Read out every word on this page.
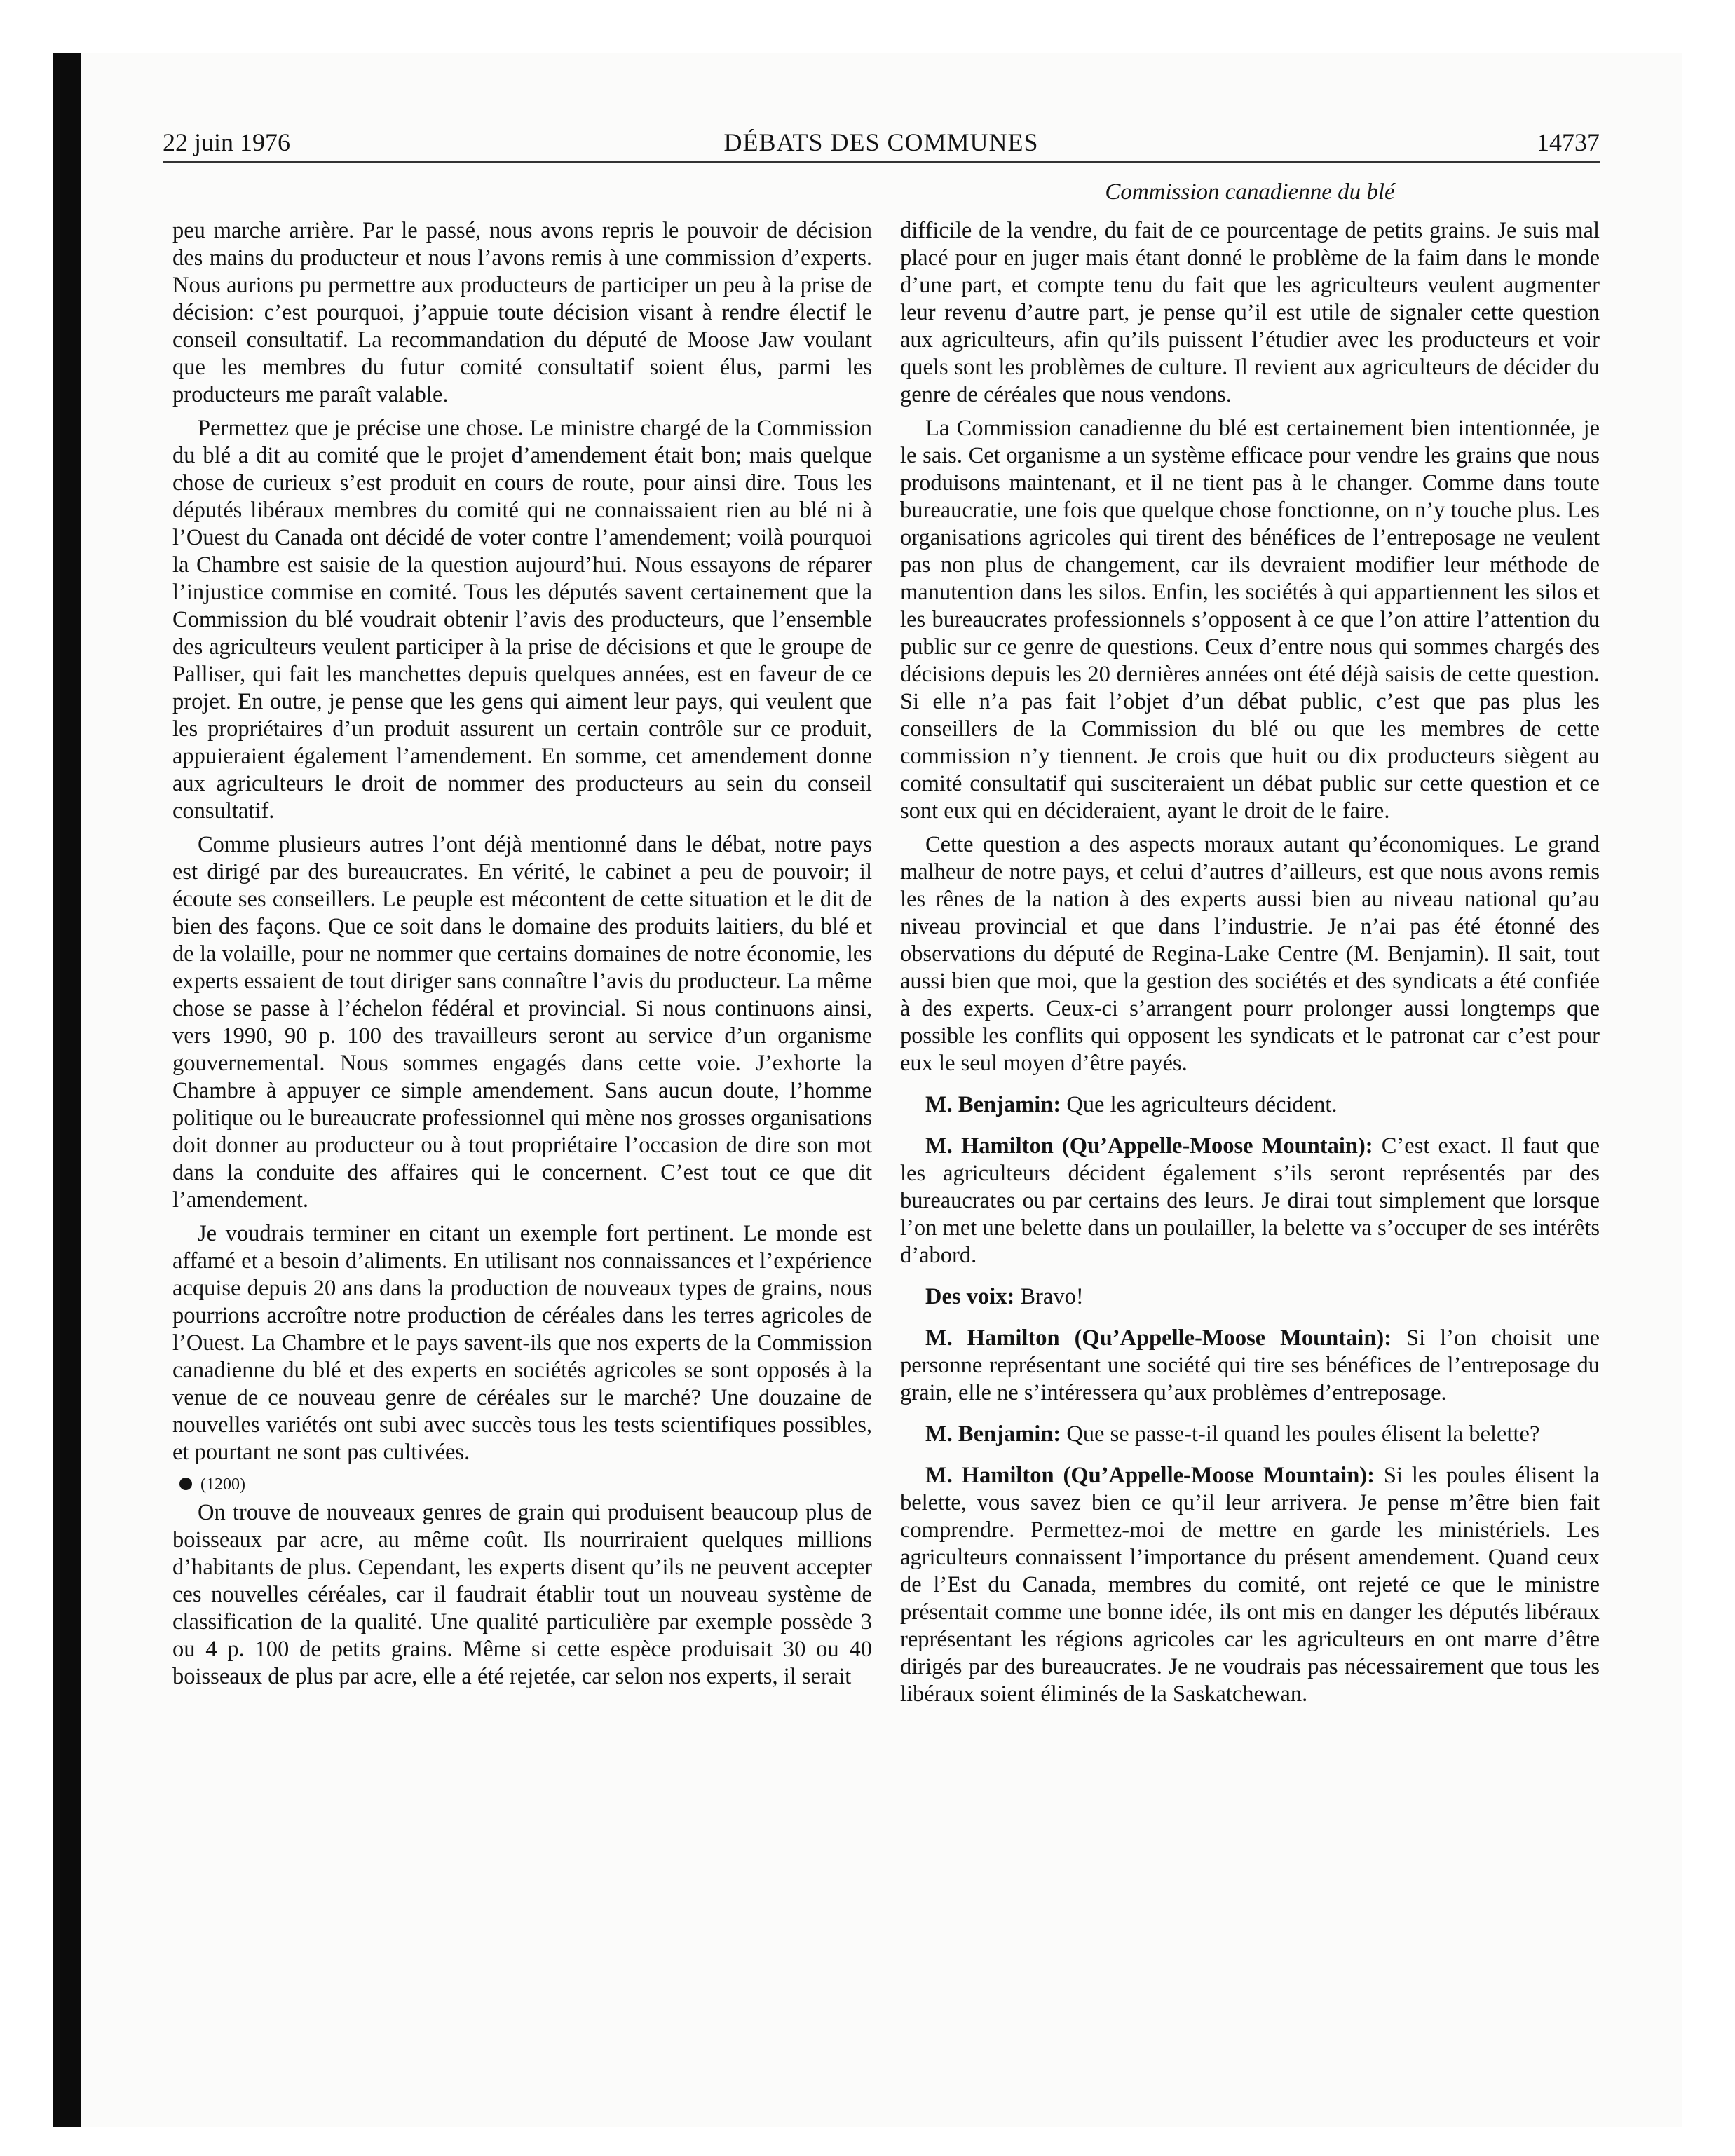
22 juin 1976	DÉBATS DES COMMUNES	14737
Commission canadienne du blé

peu marche arrière. Par le passé, nous avons repris le pouvoir de décision des mains du producteur et nous l’avons remis à une commission d’experts. Nous aurions pu permettre aux producteurs de participer un peu à la prise de décision: c’est pourquoi, j’appuie toute décision visant à rendre électif le conseil consultatif. La recommandation du député de Moose Jaw voulant que les membres du futur comité consultatif soient élus, parmi les producteurs me paraît valable.

Permettez que je précise une chose. Le ministre chargé de la Commission du blé a dit au comité que le projet d’amendement était bon; mais quelque chose de curieux s’est produit en cours de route, pour ainsi dire. Tous les députés libéraux membres du comité qui ne connaissaient rien au blé ni à l’Ouest du Canada ont décidé de voter contre l’amendement; voilà pourquoi la Chambre est saisie de la question aujourd’hui. Nous essayons de réparer l’injustice commise en comité. Tous les députés savent certainement que la Commission du blé voudrait obtenir l’avis des producteurs, que l’ensemble des agriculteurs veulent participer à la prise de décisions et que le groupe de Palliser, qui fait les manchettes depuis quelques années, est en faveur de ce projet. En outre, je pense que les gens qui aiment leur pays, qui veulent que les propriétaires d’un produit assurent un certain contrôle sur ce produit, appuieraient également l’amendement. En somme, cet amendement donne aux agriculteurs le droit de nommer des producteurs au sein du conseil consultatif.

Comme plusieurs autres l’ont déjà mentionné dans le débat, notre pays est dirigé par des bureaucrates. En vérité, le cabinet a peu de pouvoir; il écoute ses conseillers. Le peuple est mécontent de cette situation et le dit de bien des façons. Que ce soit dans le domaine des produits laitiers, du blé et de la volaille, pour ne nommer que certains domaines de notre économie, les experts essaient de tout diriger sans connaître l’avis du producteur. La même chose se passe à l’échelon fédéral et provincial. Si nous continuons ainsi, vers 1990, 90 p. 100 des travailleurs seront au service d’un organisme gouvernemental. Nous sommes engagés dans cette voie. J’exhorte la Chambre à appuyer ce simple amendement. Sans aucun doute, l’homme politique ou le bureaucrate professionnel qui mène nos grosses organisations doit donner au producteur ou à tout propriétaire l’occasion de dire son mot dans la conduite des affaires qui le concernent. C’est tout ce que dit l’amendement.

Je voudrais terminer en citant un exemple fort pertinent. Le monde est affamé et a besoin d’aliments. En utilisant nos connaissances et l’expérience acquise depuis 20 ans dans la production de nouveaux types de grains, nous pourrions accroître notre production de céréales dans les terres agricoles de l’Ouest. La Chambre et le pays savent-ils que nos experts de la Commission canadienne du blé et des experts en sociétés agricoles se sont opposés à la venue de ce nouveau genre de céréales sur le marché? Une douzaine de nouvelles variétés ont subi avec succès tous les tests scientifiques possibles, et pourtant ne sont pas cultivées.

(1200)

On trouve de nouveaux genres de grain qui produisent beaucoup plus de boisseaux par acre, au même coût. Ils nourriraient quelques millions d’habitants de plus. Cependant, les experts disent qu’ils ne peuvent accepter ces nouvelles céréales, car il faudrait établir tout un nouveau système de classification de la qualité. Une qualité particulière par exemple possède 3 ou 4 p. 100 de petits grains. Même si cette espèce produisait 30 ou 40 boisseaux de plus par acre, elle a été rejetée, car selon nos experts, il serait

difficile de la vendre, du fait de ce pourcentage de petits grains. Je suis mal placé pour en juger mais étant donné le problème de la faim dans le monde d’une part, et compte tenu du fait que les agriculteurs veulent augmenter leur revenu d’autre part, je pense qu’il est utile de signaler cette question aux agriculteurs, afin qu’ils puissent l’étudier avec les producteurs et voir quels sont les problèmes de culture. Il revient aux agriculteurs de décider du genre de céréales que nous vendons.

La Commission canadienne du blé est certainement bien intentionnée, je le sais. Cet organisme a un système efficace pour vendre les grains que nous produisons maintenant, et il ne tient pas à le changer. Comme dans toute bureaucratie, une fois que quelque chose fonctionne, on n’y touche plus. Les organisations agricoles qui tirent des bénéfices de l’entreposage ne veulent pas non plus de changement, car ils devraient modifier leur méthode de manutention dans les silos. Enfin, les sociétés à qui appartiennent les silos et les bureaucrates professionnels s’opposent à ce que l’on attire l’attention du public sur ce genre de questions. Ceux d’entre nous qui sommes chargés des décisions depuis les 20 dernières années ont été déjà saisis de cette question. Si elle n’a pas fait l’objet d’un débat public, c’est que pas plus les conseillers de la Commission du blé ou que les membres de cette commission n’y tiennent. Je crois que huit ou dix producteurs siègent au comité consultatif qui susciteraient un débat public sur cette question et ce sont eux qui en décideraient, ayant le droit de le faire.

Cette question a des aspects moraux autant qu’économiques. Le grand malheur de notre pays, et celui d’autres d’ailleurs, est que nous avons remis les rênes de la nation à des experts aussi bien au niveau national qu’au niveau provincial et que dans l’industrie. Je n’ai pas été étonné des observations du député de Regina-Lake Centre (M. Benjamin). Il sait, tout aussi bien que moi, que la gestion des sociétés et des syndicats a été confiée à des experts. Ceux-ci s’arrangent pourr prolonger aussi longtemps que possible les conflits qui opposent les syndicats et le patronat car c’est pour eux le seul moyen d’être payés.

M. Benjamin: Que les agriculteurs décident.

M. Hamilton (Qu’Appelle-Moose Mountain): C’est exact. Il faut que les agriculteurs décident également s’ils seront représentés par des bureaucrates ou par certains des leurs. Je dirai tout simplement que lorsque l’on met une belette dans un poulailler, la belette va s’occuper de ses intérêts d’abord.

Des voix: Bravo!

M. Hamilton (Qu’Appelle-Moose Mountain): Si l’on choisit une personne représentant une société qui tire ses bénéfices de l’entreposage du grain, elle ne s’intéressera qu’aux problèmes d’entreposage.

M. Benjamin: Que se passe-t-il quand les poules élisent la belette?

M. Hamilton (Qu’Appelle-Moose Mountain): Si les poules élisent la belette, vous savez bien ce qu’il leur arrivera. Je pense m’être bien fait comprendre. Permettez-moi de mettre en garde les ministériels. Les agriculteurs connaissent l’importance du présent amendement. Quand ceux de l’Est du Canada, membres du comité, ont rejeté ce que le ministre présentait comme une bonne idée, ils ont mis en danger les députés libéraux représentant les régions agricoles car les agriculteurs en ont marre d’être dirigés par des bureaucrates. Je ne voudrais pas nécessairement que tous les libéraux soient éliminés de la Saskatchewan.
